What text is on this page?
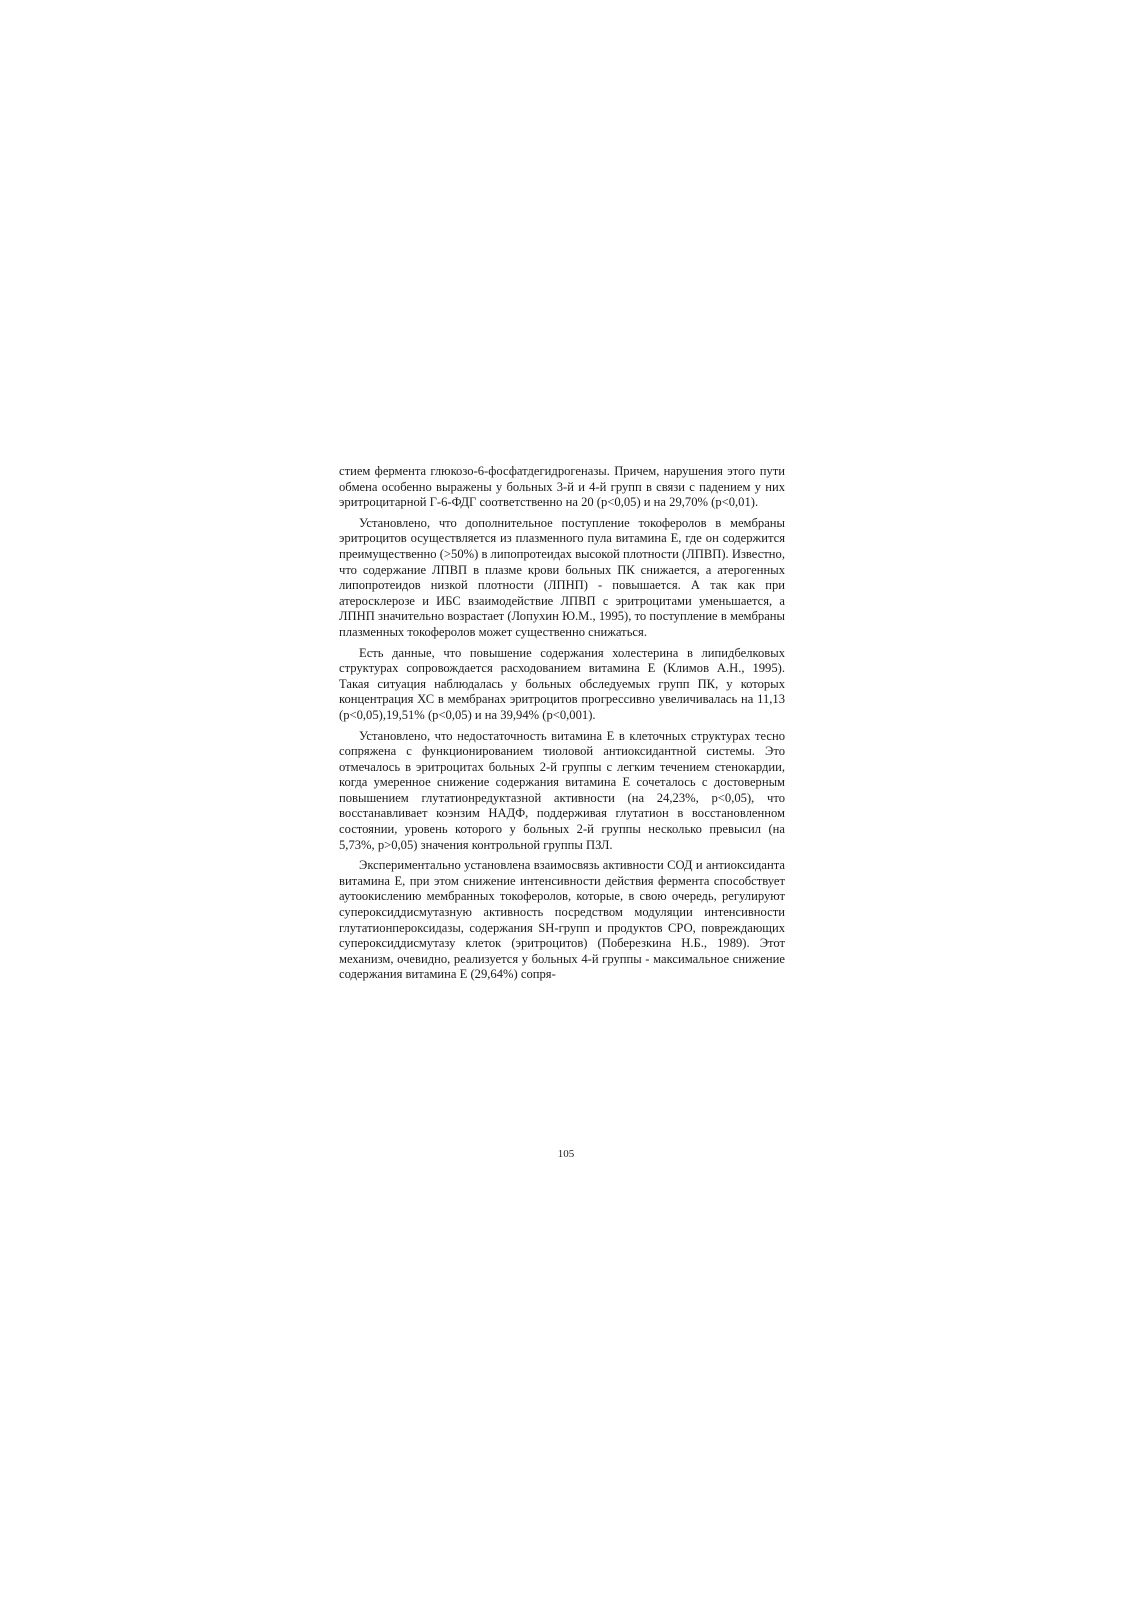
стием фермента глюкозо-6-фосфатдегидрогеназы. Причем, нарушения этого пути обмена особенно выражены у больных 3-й и 4-й групп в связи с падением у них эритроцитарной Г-6-ФДГ соответственно на 20 (р<0,05) и на 29,70% (р<0,01).

Установлено, что дополнительное поступление токоферолов в мембраны эритроцитов осуществляется из плазменного пула витамина Е, где он содержится преимущественно (>50%) в липопротеидах высокой плотности (ЛПВП). Известно, что содержание ЛПВП в плазме крови больных ПК снижается, а атерогенных липопротеидов низкой плотности (ЛПНП) - повышается. А так как при атеросклерозе и ИБС взаимодействие ЛПВП с эритроцитами уменьшается, а ЛПНП значительно возрастает (Лопухин Ю.М., 1995), то поступление в мембраны плазменных токоферолов может существенно снижаться.

Есть данные, что повышение содержания холестерина в липидбелковых структурах сопровождается расходованием витамина Е (Климов А.Н., 1995). Такая ситуация наблюдалась у больных обследуемых групп ПК, у которых концентрация ХС в мембранах эритроцитов прогрессивно увеличивалась на 11,13 (р<0,05),19,51% (р<0,05) и на 39,94% (р<0,001).

Установлено, что недостаточность витамина Е в клеточных структурах тесно сопряжена с функционированием тиоловой антиоксидантной системы. Это отмечалось в эритроцитах больных 2-й группы с легким течением стенокардии, когда умеренное снижение содержания витамина Е сочеталось с достоверным повышением глутатионредуктазной активности (на 24,23%, р<0,05), что восстанавливает коэнзим НАДФ, поддерживая глутатион в восстановленном состоянии, уровень которого у больных 2-й группы несколько превысил (на 5,73%, р>0,05) значения контрольной группы ПЗЛ.

Экспериментально установлена взаимосвязь активности СОД и антиоксиданта витамина Е, при этом снижение интенсивности действия фермента способствует аутоокислению мембранных токоферолов, которые, в свою очередь, регулируют супероксиддисмутазную активность посредством модуляции интенсивности глутатионпероксидазы, содержания SH-групп и продуктов СРО, повреждающих супероксиддисмутазу клеток (эритроцитов) (Поберезкина Н.Б., 1989). Этот механизм, очевидно, реализуется у больных 4-й группы - максимальное снижение содержания витамина Е (29,64%) сопря-

105
